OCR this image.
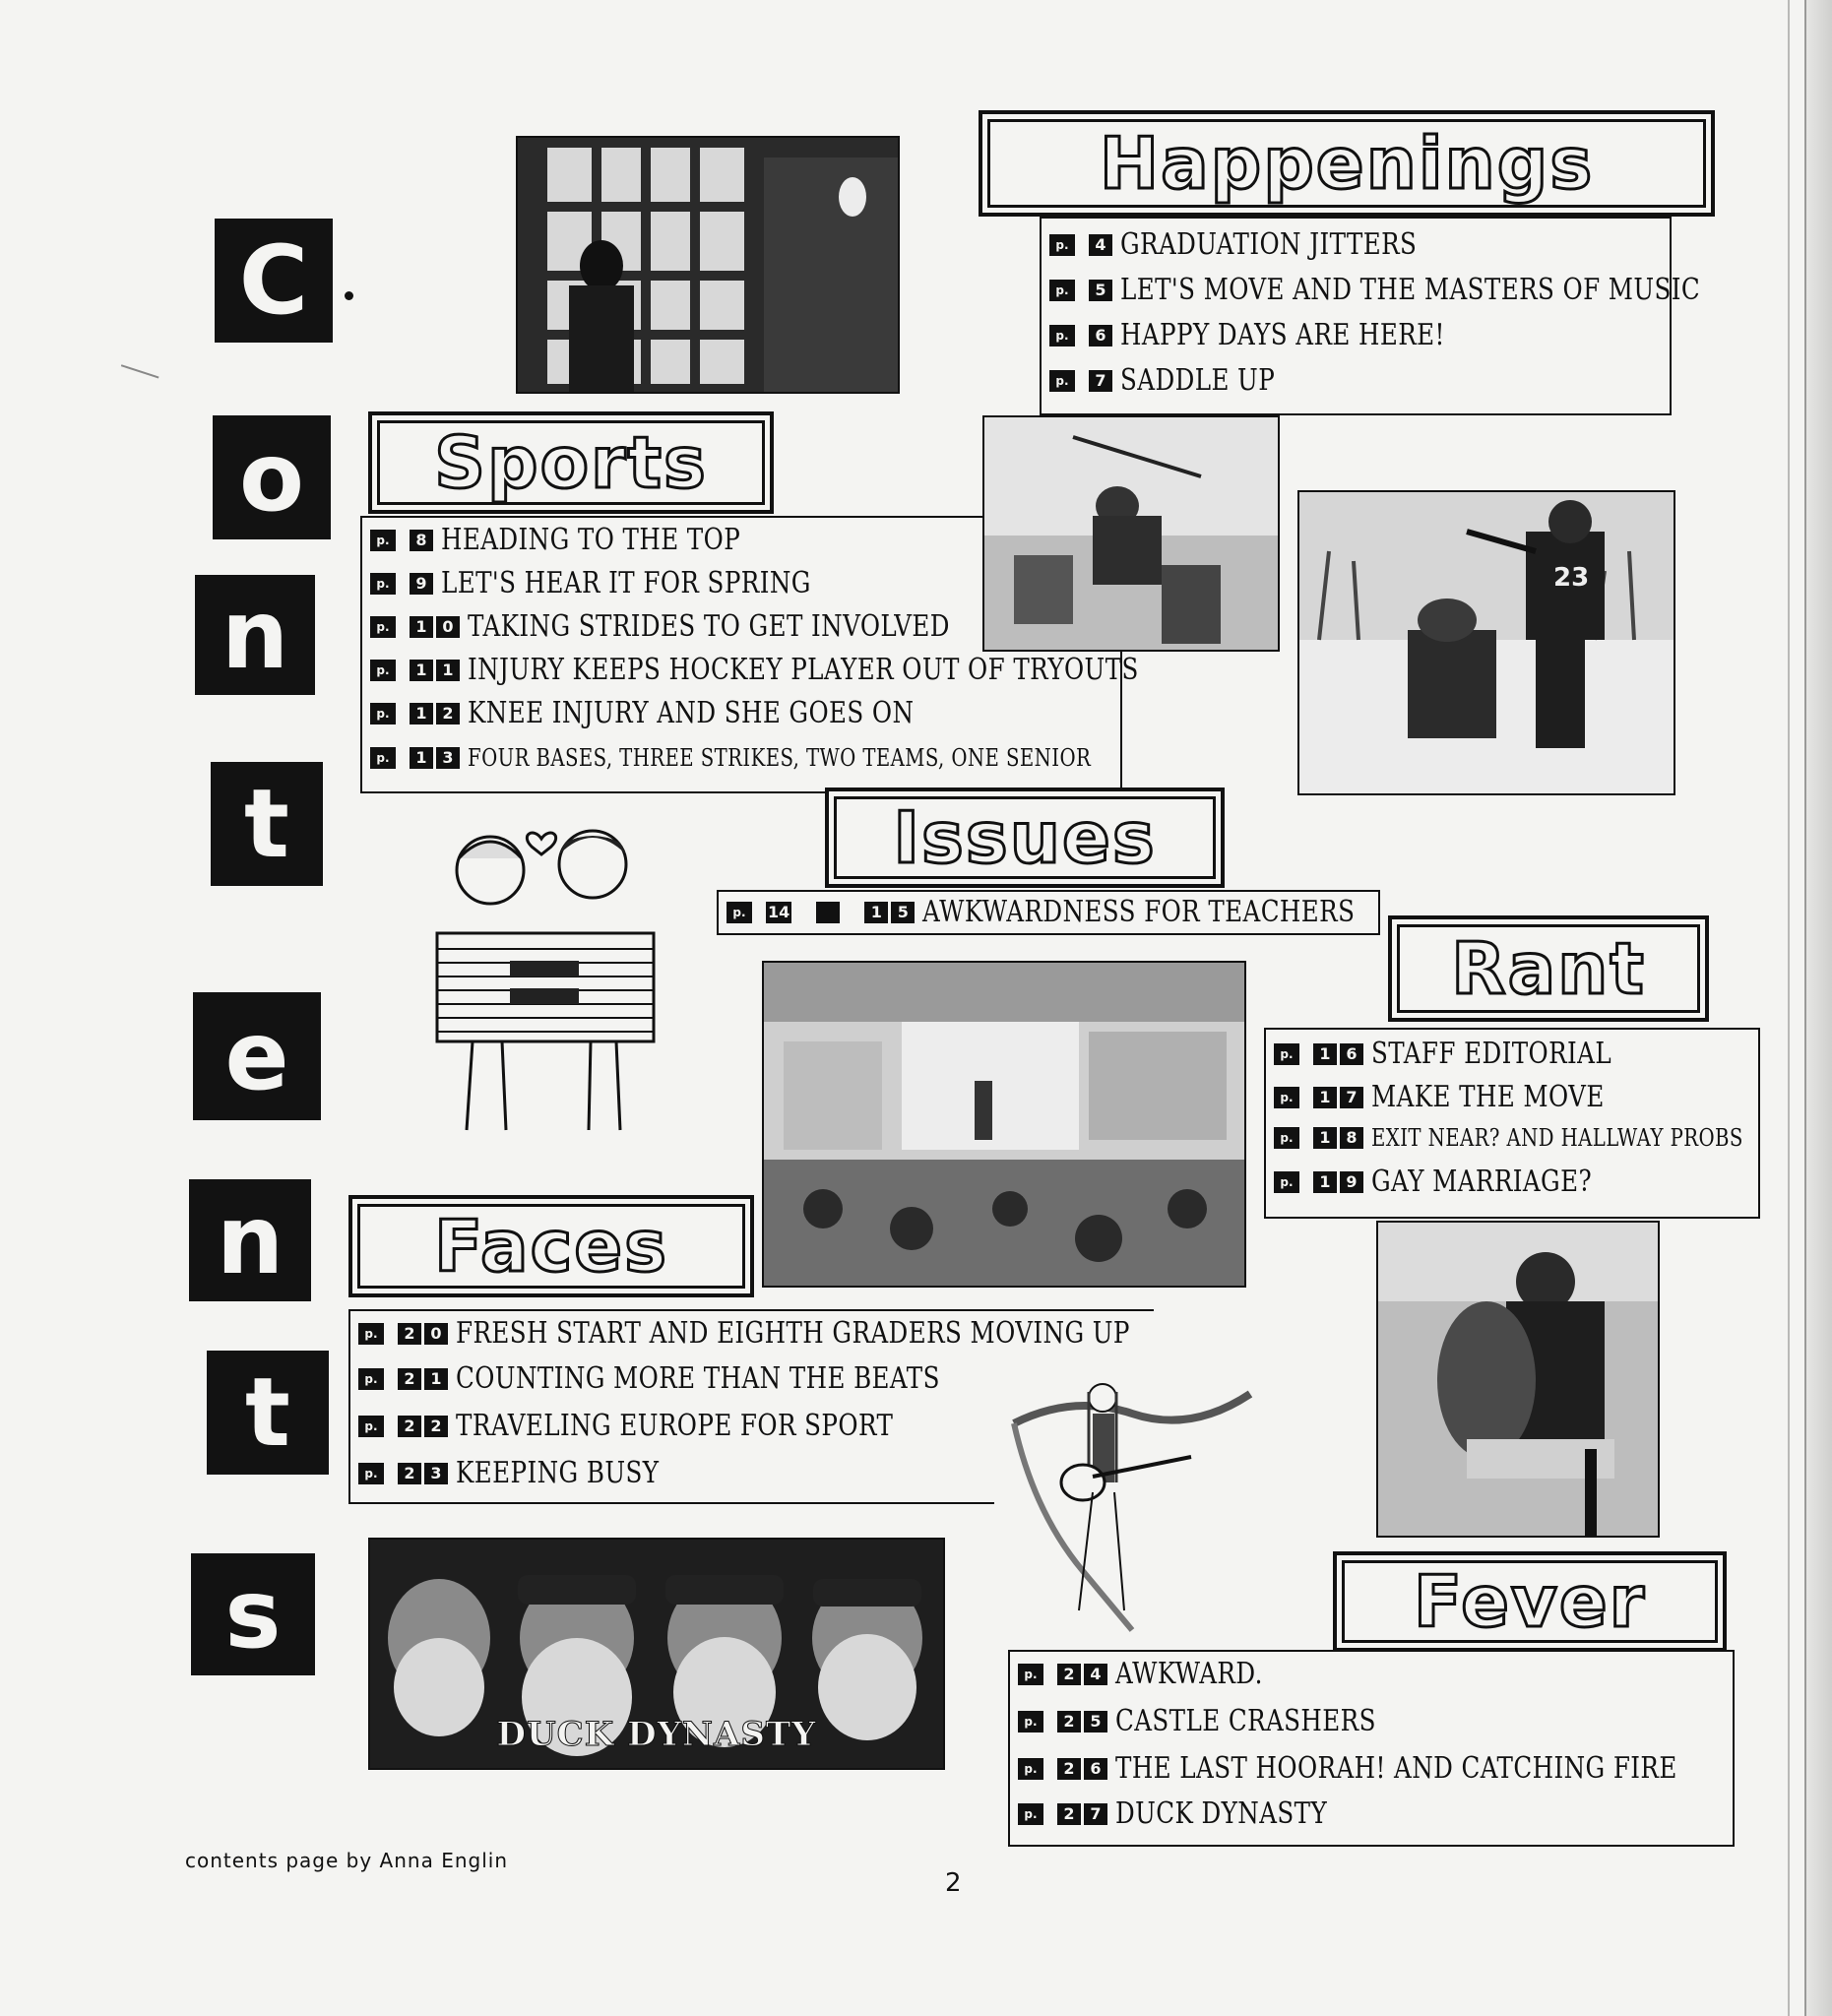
C
o
n
t
e
n
t
s
Happenings
p.	4 GRADUATION JITTERS
p.	5 LET'S MOVE AND THE MASTERS OF MUSIC
p.	6 HAPPY DAYS ARE HERE!
p.	7 SADDLE UP
Sports
p.	8 HEADING TO THE TOP
p.	9 LET'S HEAR IT FOR SPRING
p.	1 0 TAKING STRIDES TO GET INVOLVED
p.	1 1 INJURY KEEPS HOCKEY PLAYER OUT OF TRYOUTS
p.	1 2 KNEE INJURY AND SHE GOES ON
p.	1 3 FOUR BASES, THREE STRIKES, TWO TEAMS, ONE SENIOR
23
Issues
p.	14	1 5 AWKWARDNESS FOR TEACHERS
Rant
p.	1 6 STAFF EDITORIAL
p.	1 7 MAKE THE MOVE
p.	1 8 EXIT NEAR? AND HALLWAY PROBS
p.	1 9 GAY MARRIAGE?
Faces
p.	2 0 FRESH START AND EIGHTH GRADERS MOVING UP
p.	2 1 COUNTING MORE THAN THE BEATS
p.	2 2 TRAVELING EUROPE FOR SPORT
p.	2 3 KEEPING BUSY
Fever
p.	2 4 AWKWARD.
p.	2 5 CASTLE CRASHERS
p.	2 6 THE LAST HOORAH! AND CATCHING FIRE
p.	2 7 DUCK DYNASTY
DUCK DYNASTY
contents page by Anna Englin
2
